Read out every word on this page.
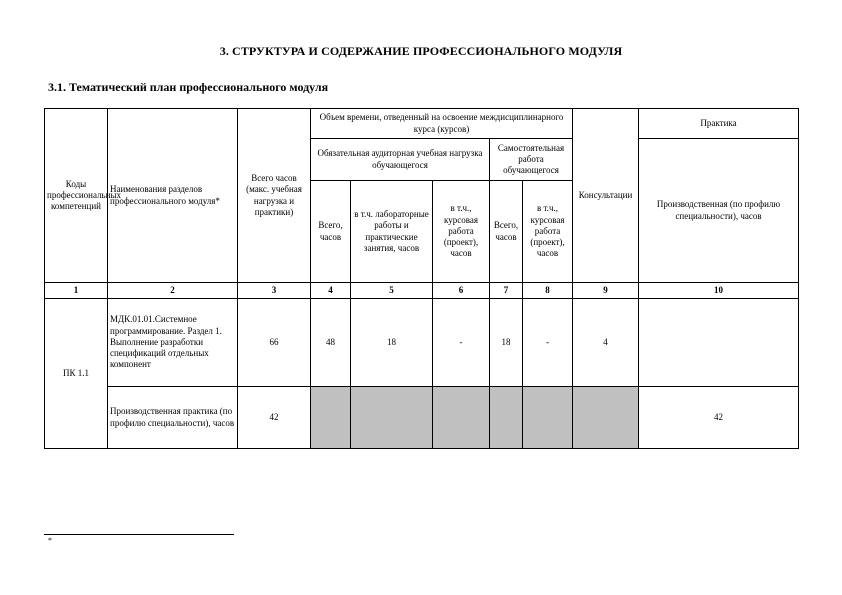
3. СТРУКТУРА И СОДЕРЖАНИЕ ПРОФЕССИОНАЛЬНОГО МОДУЛЯ
3.1. Тематический план профессионального модуля
Коды профессиональных компетенций	Наименования разделов профессионального модуля*	Всего часов (макс. учебная нагрузка и практики)	Объем времени, отведенный на освоение междисциплинарного курса (курсов)					Консультации	Практика
			Обязательная аудиторная учебная нагрузка обучающегося			Самостоятельная работа обучающегося			Производственная (по профилю специальности), часов
			Всего, часов	в т.ч. лабораторные работы и практические занятия, часов	в т.ч., курсовая работа (проект), часов	Всего, часов	в т.ч., курсовая работа (проект), часов		
1	2	3	4	5	6	7	8	9	10
ПК 1.1	МДК.01.01.Системное программирование. Раздел 1. Выполнение разработки спецификаций отдельных компонент	66	48	18	-	18	-	4	
	Производственная практика (по профилю специальности), часов	42							42
*
